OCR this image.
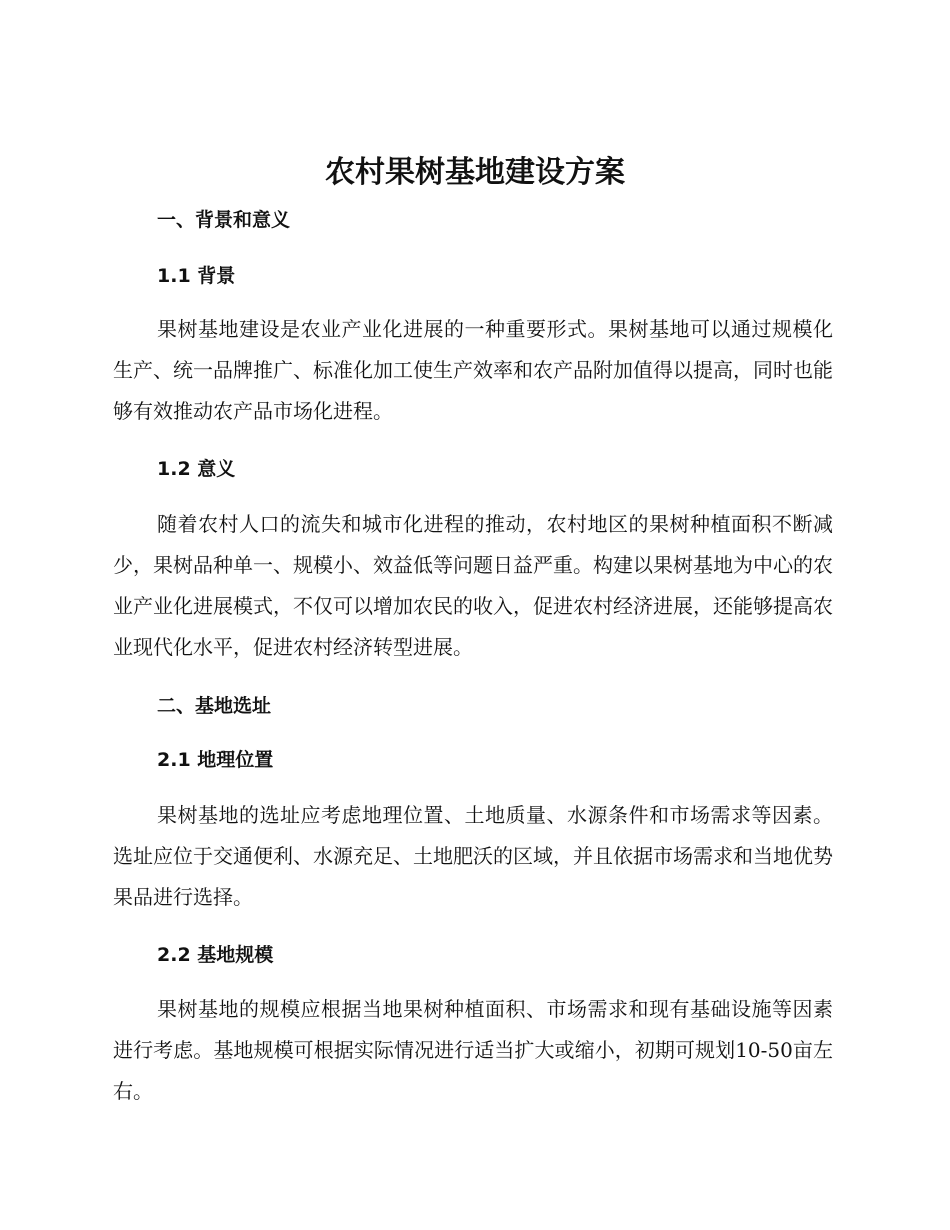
农村果树基地建设方案
一、背景和意义
1.1 背景
果树基地建设是农业产业化进展的一种重要形式。果树基地可以通过规模化生产、统一品牌推广、标准化加工使生产效率和农产品附加值得以提高，同时也能够有效推动农产品市场化进程。
1.2 意义
随着农村人口的流失和城市化进程的推动，农村地区的果树种植面积不断减少，果树品种单一、规模小、效益低等问题日益严重。构建以果树基地为中心的农业产业化进展模式，不仅可以增加农民的收入，促进农村经济进展，还能够提高农业现代化水平，促进农村经济转型进展。
二、基地选址
2.1 地理位置
果树基地的选址应考虑地理位置、土地质量、水源条件和市场需求等因素。选址应位于交通便利、水源充足、土地肥沃的区域，并且依据市场需求和当地优势果品进行选择。
2.2 基地规模
果树基地的规模应根据当地果树种植面积、市场需求和现有基础设施等因素进行考虑。基地规模可根据实际情况进行适当扩大或缩小，初期可规划10-50亩左右。
